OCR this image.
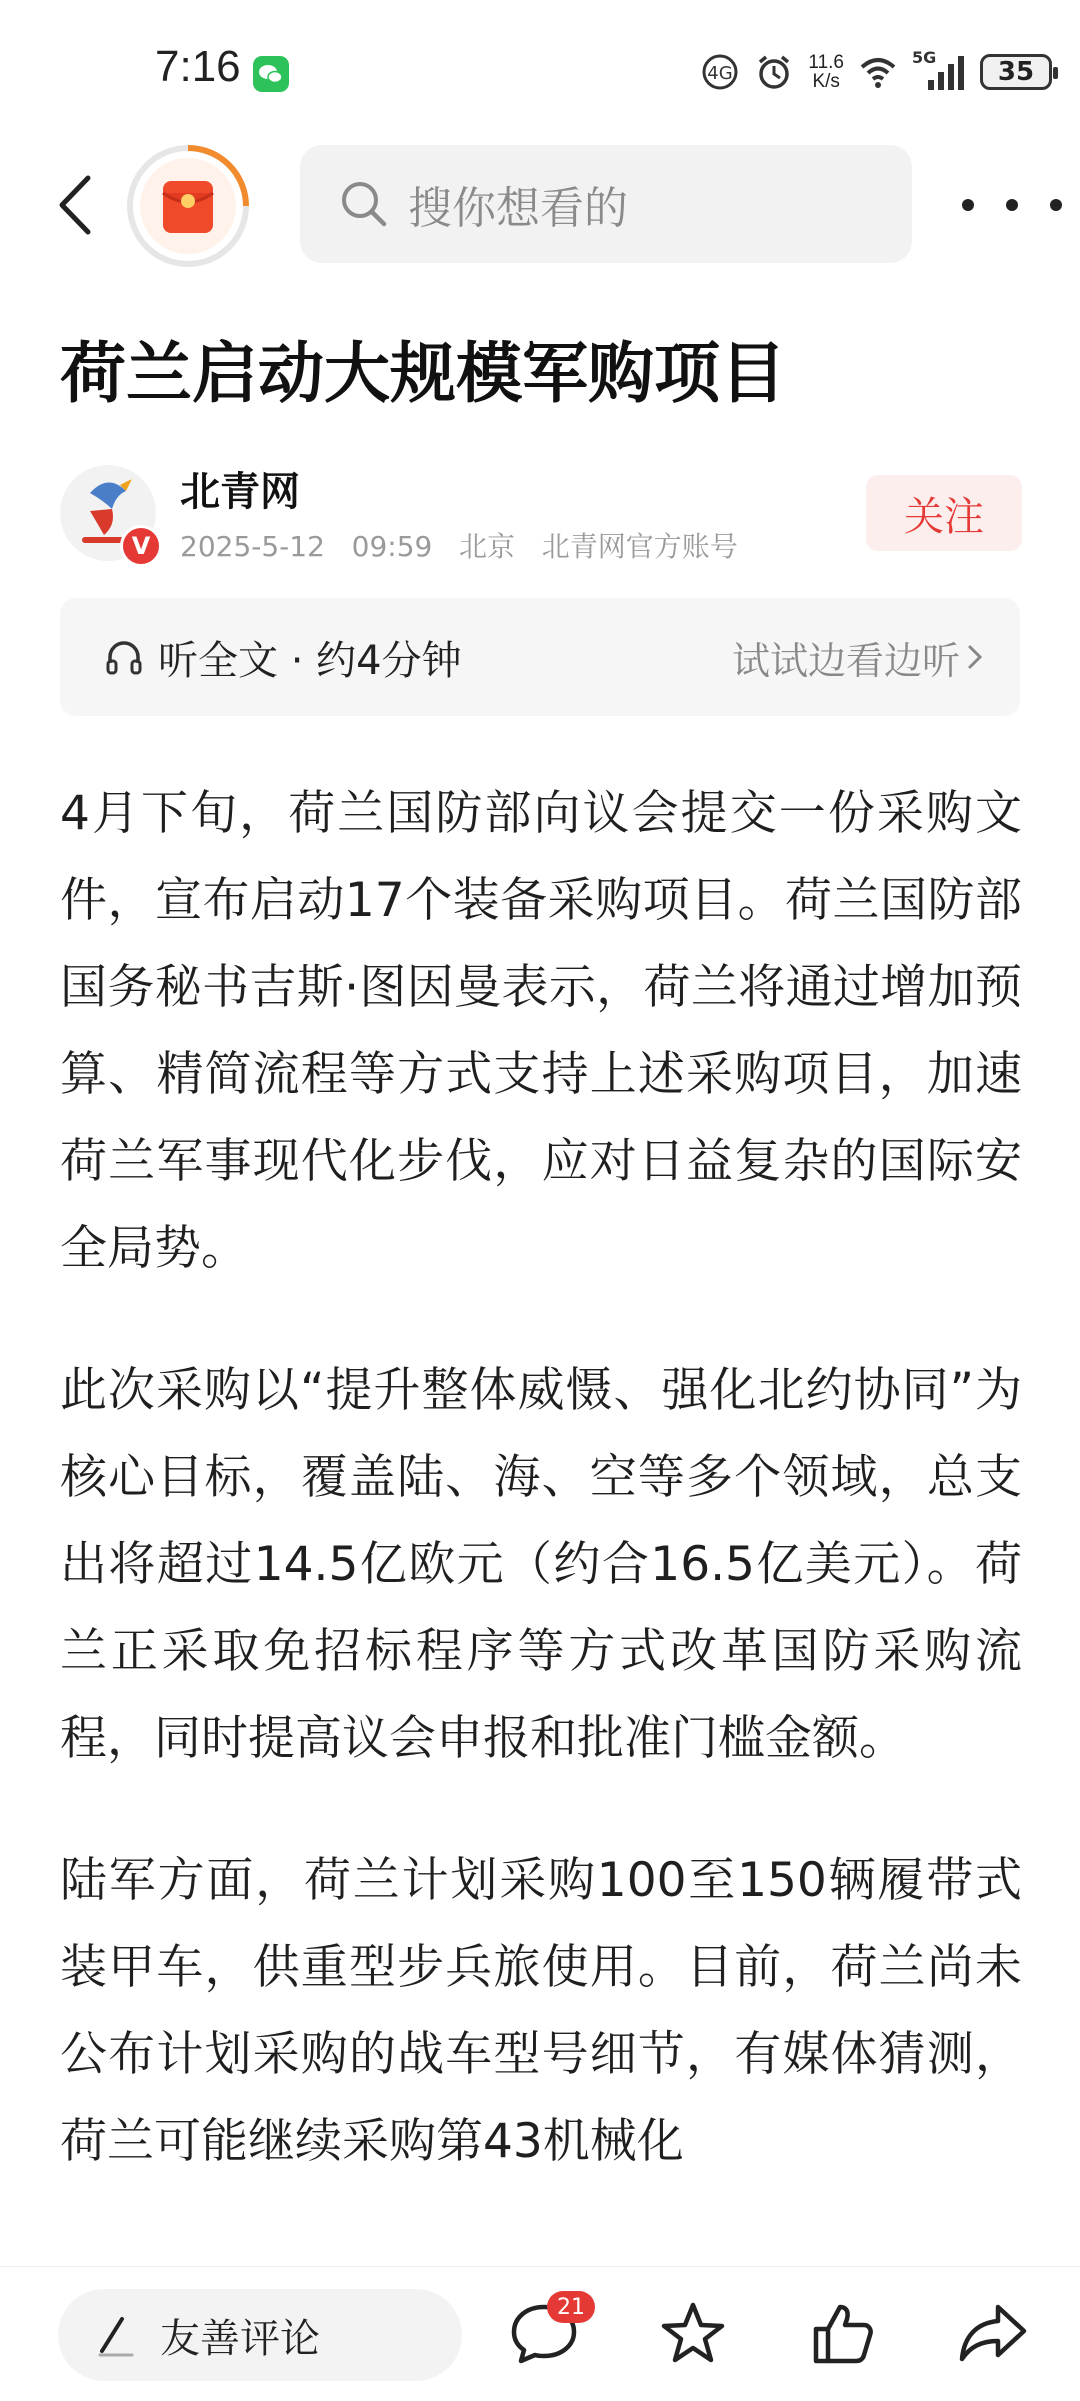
7:16	4G
11.6
K/s
5G 35
搜你想看的
荷兰启动大规模军购项目
V
北青网
2025-5-12 09:59 北京 北青网官方账号
关注
听全文 · 约4分钟	试试边看边听

4月下旬，荷兰国防部向议会提交一份采购文件，宣布启动17个装备采购项目。荷兰国防部国务秘书吉斯·图因曼表示，荷兰将通过增加预算、精简流程等方式支持上述采购项目，加速荷兰军事现代化步伐，应对日益复杂的国际安全局势。

此次采购以“提升整体威慑、强化北约协同”为核心目标，覆盖陆、海、空等多个领域，总支出将超过14.5亿欧元（约合16.5亿美元）。荷兰正采取免招标程序等方式改革国防采购流程，同时提高议会申报和批准门槛金额。

陆军方面，荷兰计划采购100至150辆履带式装甲车，供重型步兵旅使用。目前，荷兰尚未公布计划采购的战车型号细节，有媒体猜测，荷兰可能继续采购第43机械化

友善评论
21
